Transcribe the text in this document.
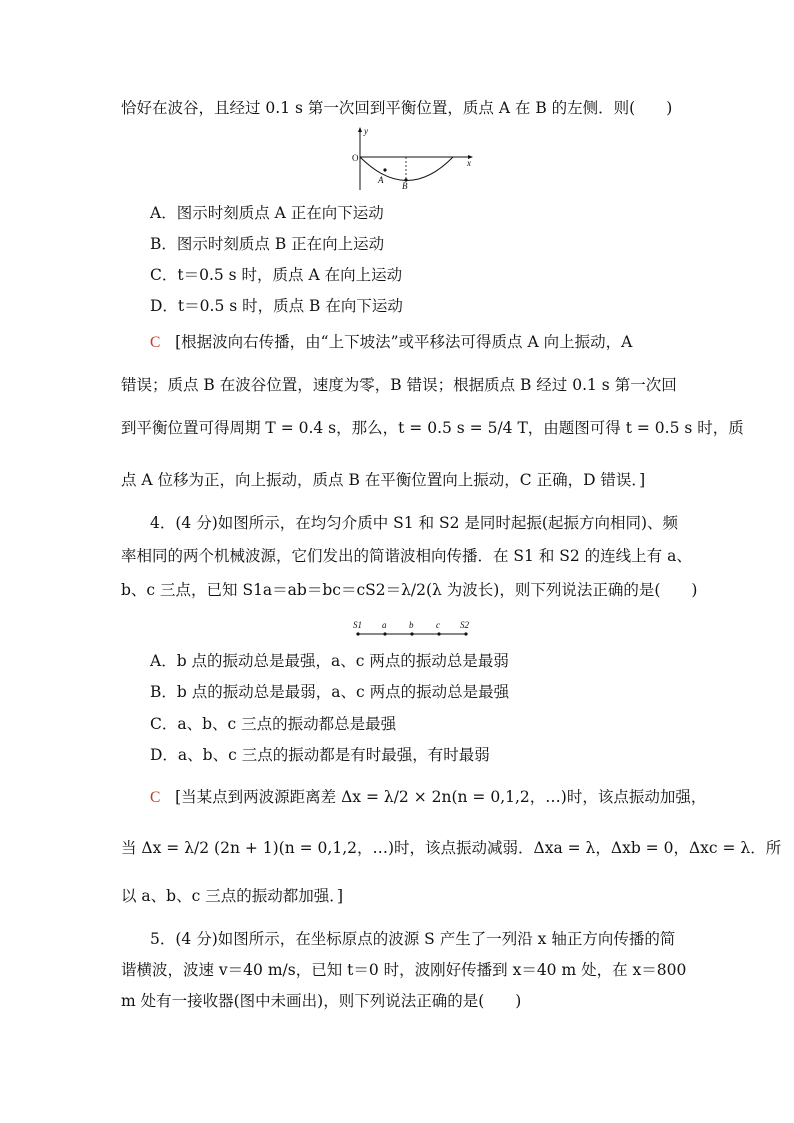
恰好在波谷，且经过 0.1 s 第一次回到平衡位置，质点 A 在 B 的左侧．则(　　)
O
y
x
A
B
A．图示时刻质点 A 正在向下运动
B．图示时刻质点 B 正在向上运动
C．t＝0.5 s 时，质点 A 在向上运动
D．t＝0.5 s 时，质点 B 在向下运动
C [根据波向右传播，由“上下坡法”或平移法可得质点 A 向上振动，A
错误；质点 B 在波谷位置，速度为零，B 错误；根据质点 B 经过 0.1 s 第一次回
到平衡位置可得周期 T = 0.4 s，那么，t = 0.5 s = 5/4 T，由题图可得 t = 0.5 s 时，质
点 A 位移为正，向上振动，质点 B 在平衡位置向上振动，C 正确，D 错误．]
4．(4 分)如图所示，在均匀介质中 S1 和 S2 是同时起振(起振方向相同)、频
率相同的两个机械波源，它们发出的简谐波相向传播．在 S1 和 S2 的连线上有 a、
b、c 三点，已知 S1a＝ab＝bc＝cS2＝λ/2(λ 为波长)，则下列说法正确的是(　　)
S1 a	b	c S2
A．b 点的振动总是最强，a、c 两点的振动总是最弱
B．b 点的振动总是最弱，a、c 两点的振动总是最强
C．a、b、c 三点的振动都总是最强
D．a、b、c 三点的振动都是有时最强，有时最弱
C [当某点到两波源距离差 Δx = λ/2 × 2n(n = 0,1,2，…)时，该点振动加强，
当 Δx = λ/2 (2n + 1)(n = 0,1,2，…)时，该点振动减弱．Δxa = λ，Δxb = 0，Δxc = λ．所
以 a、b、c 三点的振动都加强．]
5．(4 分)如图所示，在坐标原点的波源 S 产生了一列沿 x 轴正方向传播的简
谐横波，波速 v＝40 m/s，已知 t＝0 时，波刚好传播到 x＝40 m 处，在 x＝800
m 处有一接收器(图中未画出)，则下列说法正确的是(　　)
